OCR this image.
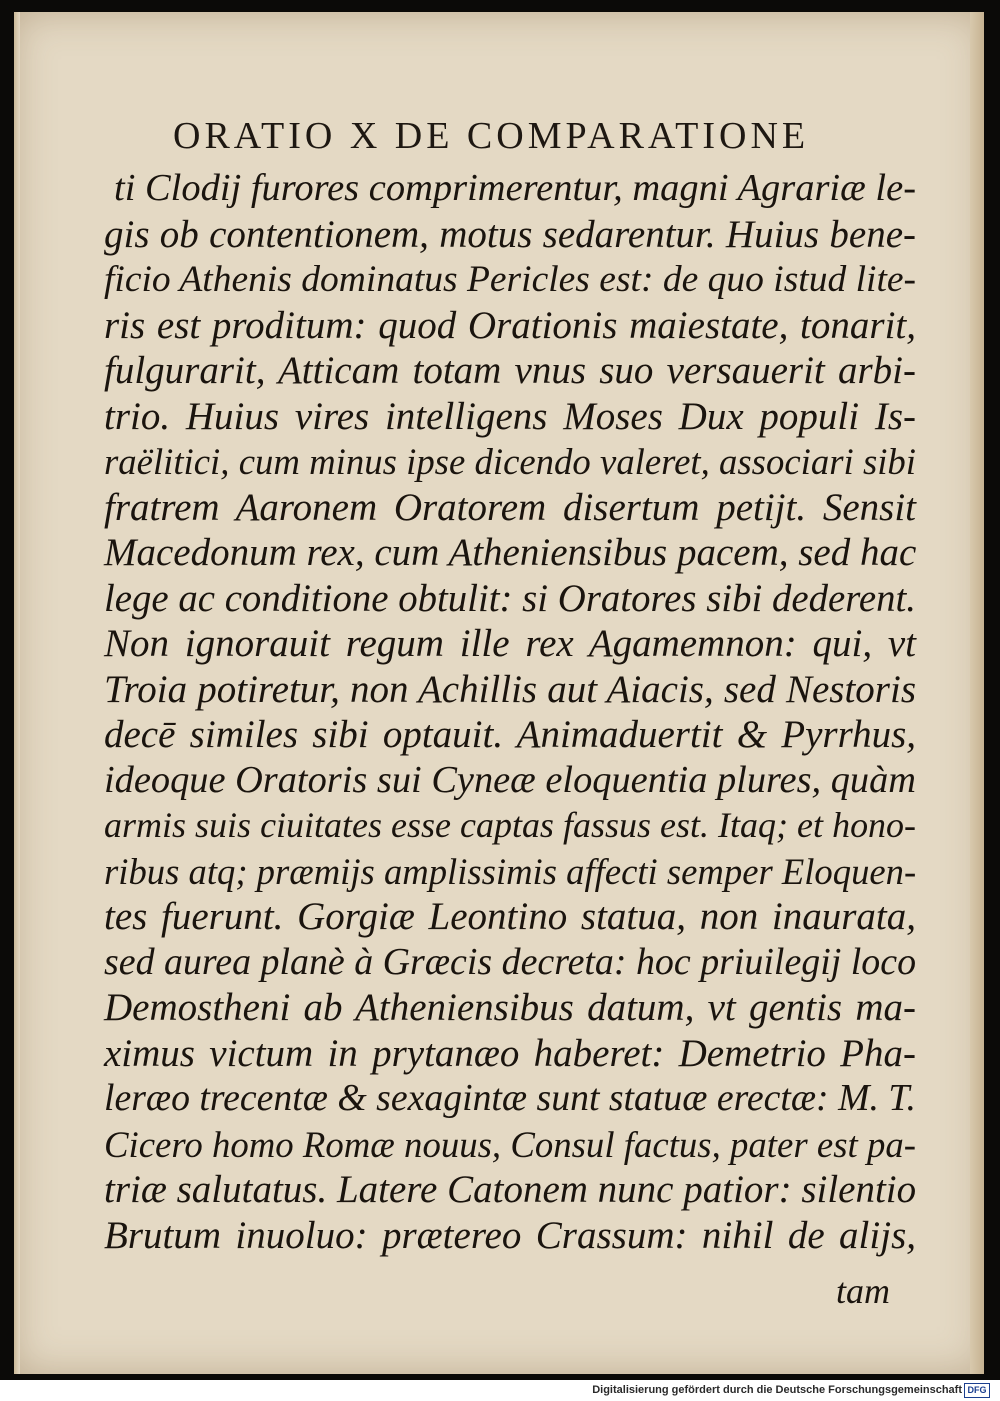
ORATIO X DE COMPARATIONE
ti Clodij furores comprimerentur, magni Agrariæ le-
gis ob contentionem, motus sedarentur. Huius bene-
ficio Athenis dominatus Pericles est: de quo istud lite-
ris est proditum: quod Orationis maiestate, tonarit,
fulgurarit, Atticam totam vnus suo versauerit arbi-
trio. Huius vires intelligens Moses Dux populi Is-
raëlitici, cum minus ipse dicendo valeret, associari sibi
fratrem Aaronem Oratorem disertum petijt. Sensit
Macedonum rex, cum Atheniensibus pacem, sed hac
lege ac conditione obtulit: si Oratores sibi dederent.
Non ignorauit regum ille rex Agamemnon: qui, vt
Troia potiretur, non Achillis aut Aiacis, sed Nestoris
decē similes sibi optauit. Animaduertit & Pyrrhus,
ideoque Oratoris sui Cyneæ eloquentia plures, quàm
armis suis ciuitates esse captas fassus est. Itaq; et hono-
ribus atq; præmijs amplissimis affecti semper Eloquen-
tes fuerunt. Gorgiæ Leontino statua, non inaurata,
sed aurea planè à Græcis decreta: hoc priuilegij loco
Demostheni ab Atheniensibus datum, vt gentis ma-
ximus victum in prytanæo haberet: Demetrio Pha-
leræo trecentæ & sexagintæ sunt statuæ erectæ: M. T.
Cicero homo Romæ nouus, Consul factus, pater est pa-
triæ salutatus. Latere Catonem nunc patior: silentio
Brutum inuoluo: prætereo Crassum: nihil de alijs,
tam
Digitalisierung gefördert durch die Deutsche Forschungsgemeinschaft DFG
